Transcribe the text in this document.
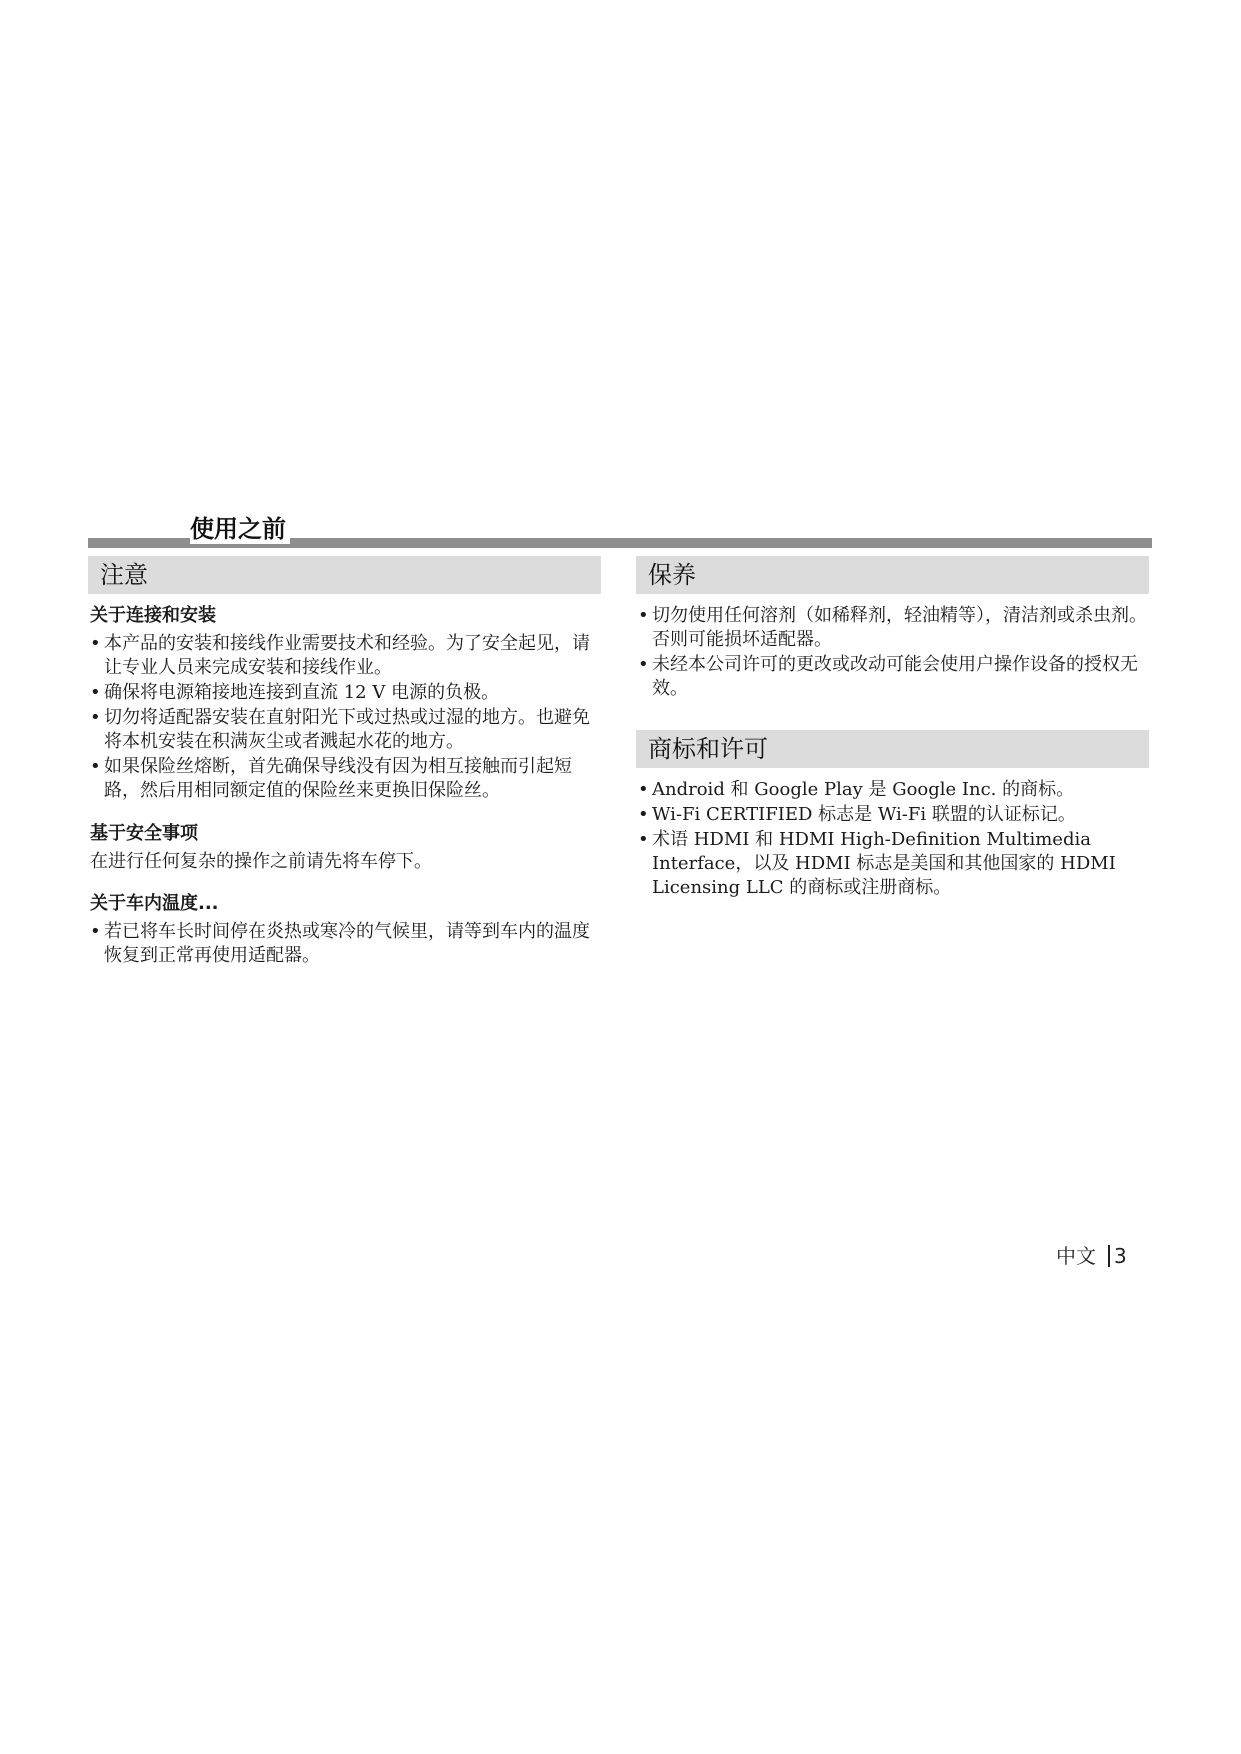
使用之前
注意
关于连接和安装
• 本产品的安装和接线作业需要技术和经验。为了安全起见，请让专业人员来完成安装和接线作业。
• 确保将电源箱接地连接到直流 12 V 电源的负极。
• 切勿将适配器安装在直射阳光下或过热或过湿的地方。也避免将本机安装在积满灰尘或者溅起水花的地方。
• 如果保险丝熔断，首先确保导线没有因为相互接触而引起短路，然后用相同额定值的保险丝来更换旧保险丝。
基于安全事项
在进行任何复杂的操作之前请先将车停下。
关于车内温度...
• 若已将车长时间停在炎热或寒冷的气候里，请等到车内的温度恢复到正常再使用适配器。
保养
• 切勿使用任何溶剂（如稀释剂，轻油精等），清洁剂或杀虫剂。否则可能损坏适配器。
• 未经本公司许可的更改或改动可能会使用户操作设备的授权无效。
商标和许可
• Android 和 Google Play 是 Google Inc. 的商标。
• Wi-Fi CERTIFIED 标志是 Wi-Fi 联盟的认证标记。
• 术语 HDMI 和 HDMI High-Definition Multimedia Interface，以及 HDMI 标志是美国和其他国家的 HDMI Licensing LLC 的商标或注册商标。
中文 3
